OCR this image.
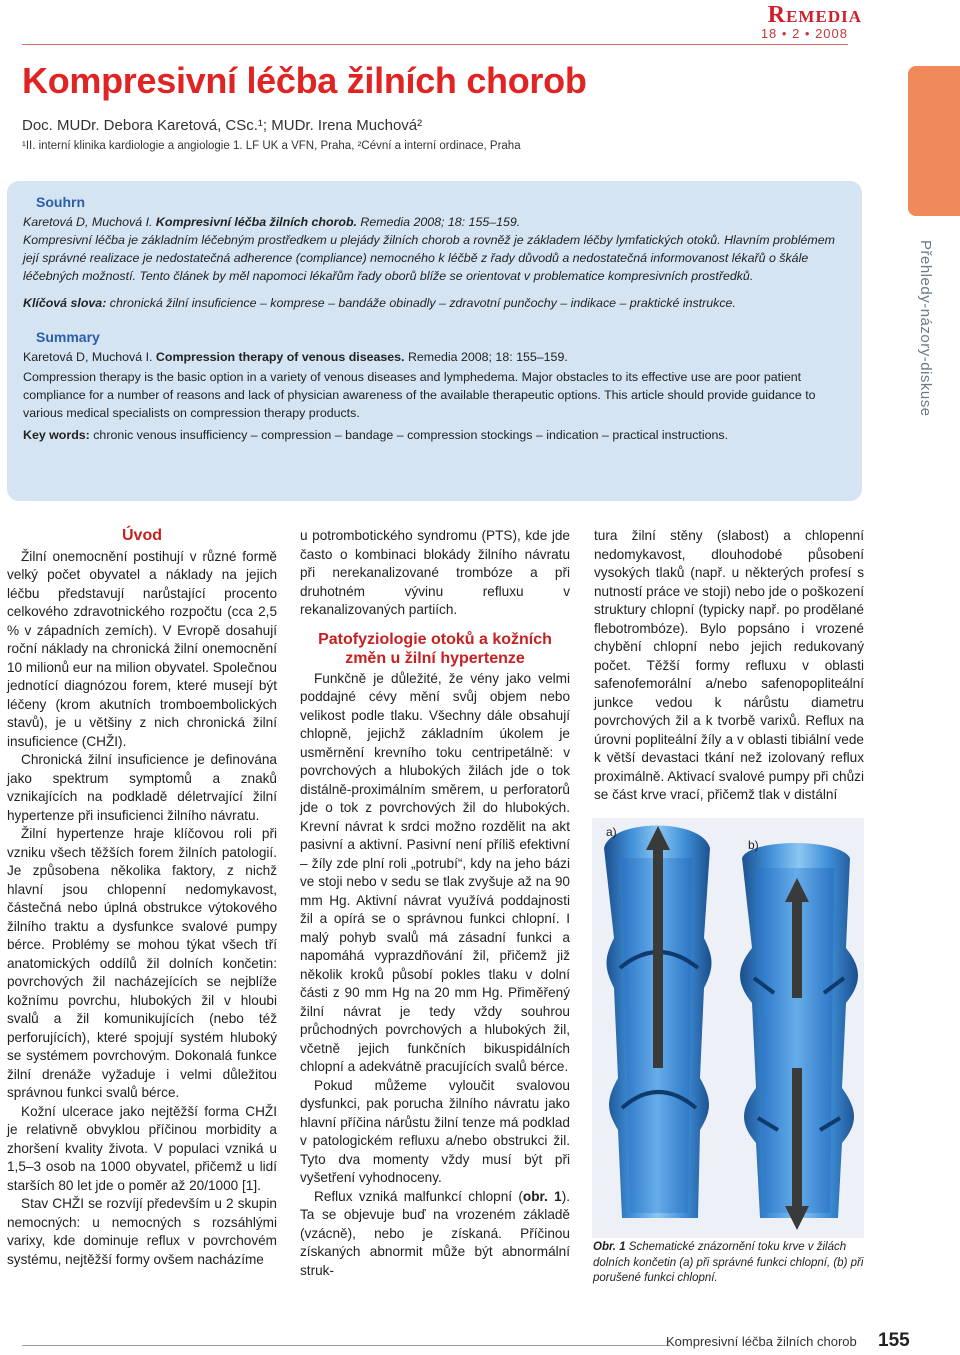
Remedia
18 • 2 • 2008
Přehledy-názory-diskuse
Kompresivní léčba žilních chorob
Doc. MUDr. Debora Karetová, CSc.¹; MUDr. Irena Muchová²
¹II. interní klinika kardiologie a angiologie 1. LF UK a VFN, Praha, ²Cévní a interní ordinace, Praha
Souhrn

Karetová D, Muchová I. Kompresivní léčba žilních chorob. Remedia 2008; 18: 155–159.

Kompresivní léčba je základním léčebným prostředkem u plejády žilních chorob a rovněž je základem léčby lymfatických otoků. Hlavním problémem její správné realizace je nedostatečná adherence (compliance) nemocného k léčbě z řady důvodů a nedostatečná informovanost lékařů o škále léčebných možností. Tento článek by měl napomoci lékařům řady oborů blíže se orientovat v problematice kompresivních prostředků.

Klíčová slova: chronická žilní insuficience – komprese – bandáže obinadly – zdravotní punčochy – indikace – praktické instrukce.

Summary

Karetová D, Muchová I. Compression therapy of venous diseases. Remedia 2008; 18: 155–159.

Compression therapy is the basic option in a variety of venous diseases and lymphedema. Major obstacles to its effective use are poor patient compliance for a number of reasons and lack of physician awareness of the available therapeutic options. This article should provide guidance to various medical specialists on compression therapy products.

Key words: chronic venous insufficiency – compression – bandage – compression stockings – indication – practical instructions.

Úvod

Žilní onemocnění postihují v různé formě velký počet obyvatel a náklady na jejich léčbu představují narůstající procento celkového zdravotnického rozpočtu (cca 2,5 % v západních zemích). V Evropě dosahují roční náklady na chronická žilní onemocnění 10 milionů eur na milion obyvatel. Společnou jednotící diagnózou forem, které musejí být léčeny (krom akutních tromboembolických stavů), je u většiny z nich chronická žilní insuficience (CHŽI).

Chronická žilní insuficience je definována jako spektrum symptomů a znaků vznikajících na podkladě déletrvající žilní hypertenze při insuficienci žilního návratu.

Žilní hypertenze hraje klíčovou roli při vzniku všech těžších forem žilních patologií. Je způsobena několika faktory, z nichž hlavní jsou chlopenní nedomykavost, částečná nebo úplná obstrukce výtokového žilního traktu a dysfunkce svalové pumpy bérce. Problémy se mohou týkat všech tří anatomických oddílů žil dolních končetin: povrchových žil nacházejících se nejblíže kožnímu povrchu, hlubokých žil v hloubi svalů a žil komunikujících (nebo též perforujících), které spojují systém hluboký se systémem povrchovým. Dokonalá funkce žilní drenáže vyžaduje i velmi důležitou správnou funkci svalů bérce.

Kožní ulcerace jako nejtěžší forma CHŽI je relativně obvyklou příčinou morbidity a zhoršení kvality života. V populaci vzniká u 1,5–3 osob na 1000 obyvatel, přičemž u lidí starších 80 let jde o poměr až 20/1000 [1].

Stav CHŽI se rozvíjí především u 2 skupin nemocných: u nemocných s rozsáhlými varixy, kde dominuje reflux v povrchovém systému, nejtěžší formy ovšem nacházíme

u potrombotického syndromu (PTS), kde jde často o kombinaci blokády žilního návratu při nerekanalizované trombóze a při druhotném vývinu refluxu v rekanalizovaných partiích.

Patofyziologie otoků a kožních změn u žilní hypertenze

Funkčně je důležité, že vény jako velmi poddajné cévy mění svůj objem nebo velikost podle tlaku. Všechny dále obsahují chlopně, jejichž základním úkolem je usměrnění krevního toku centripetálně: v povrchových a hlubokých žilách jde o tok distálně-proximálním směrem, u perforatorů jde o tok z povrchových žil do hlubokých. Krevní návrat k srdci možno rozdělit na akt pasivní a aktivní. Pasivní není příliš efektivní – žíly zde plní roli „potrubí“, kdy na jeho bázi ve stoji nebo v sedu se tlak zvyšuje až na 90 mm Hg. Aktivní návrat využívá poddajnosti žil a opírá se o správnou funkci chlopní. I malý pohyb svalů má zásadní funkci a napomáhá vyprazdňování žil, přičemž již několik kroků působí pokles tlaku v dolní části z 90 mm Hg na 20 mm Hg. Přiměřený žilní návrat je tedy vždy souhrou průchodných povrchových a hlubokých žil, včetně jejich funkčních bikuspidálních chlopní a adekvátně pracujících svalů bérce.

Pokud můžeme vyloučit svalovou dysfunkci, pak porucha žilního návratu jako hlavní příčina nárůstu žilní tenze má podklad v patologickém refluxu a/nebo obstrukci žil. Tyto dva momenty vždy musí být při vyšetření vyhodnoceny.

Reflux vzniká malfunkcí chlopní (obr. 1). Ta se objevuje buď na vrozeném základě (vzácně), nebo je získaná. Příčinou získaných abnormit může být abnormální struk-

tura žilní stěny (slabost) a chlopenní nedomykavost, dlouhodobé působení vysokých tlaků (např. u některých profesí s nutností práce ve stoji) nebo jde o poškození struktury chlopní (typicky např. po prodělané flebotrombóze). Bylo popsáno i vrozené chybění chlopní nebo jejich redukovaný počet. Těžší formy refluxu v oblasti safenofemorální a/nebo safenopopliteální junkce vedou k nárůstu diametru povrchových žil a k tvorbě varixů. Reflux na úrovni popliteální žíly a v oblasti tibiální vede k větší devastaci tkání než izolovaný reflux proximálně. Aktivací svalové pumpy při chůzi se část krve vrací, přičemž tlak v distální

a)
b)
Obr. 1 Schematické znázornění toku krve v žilách dolních končetin (a) při správné funkci chlopní, (b) při porušené funkci chlopní.
Kompresivní léčba žilních chorob 155
